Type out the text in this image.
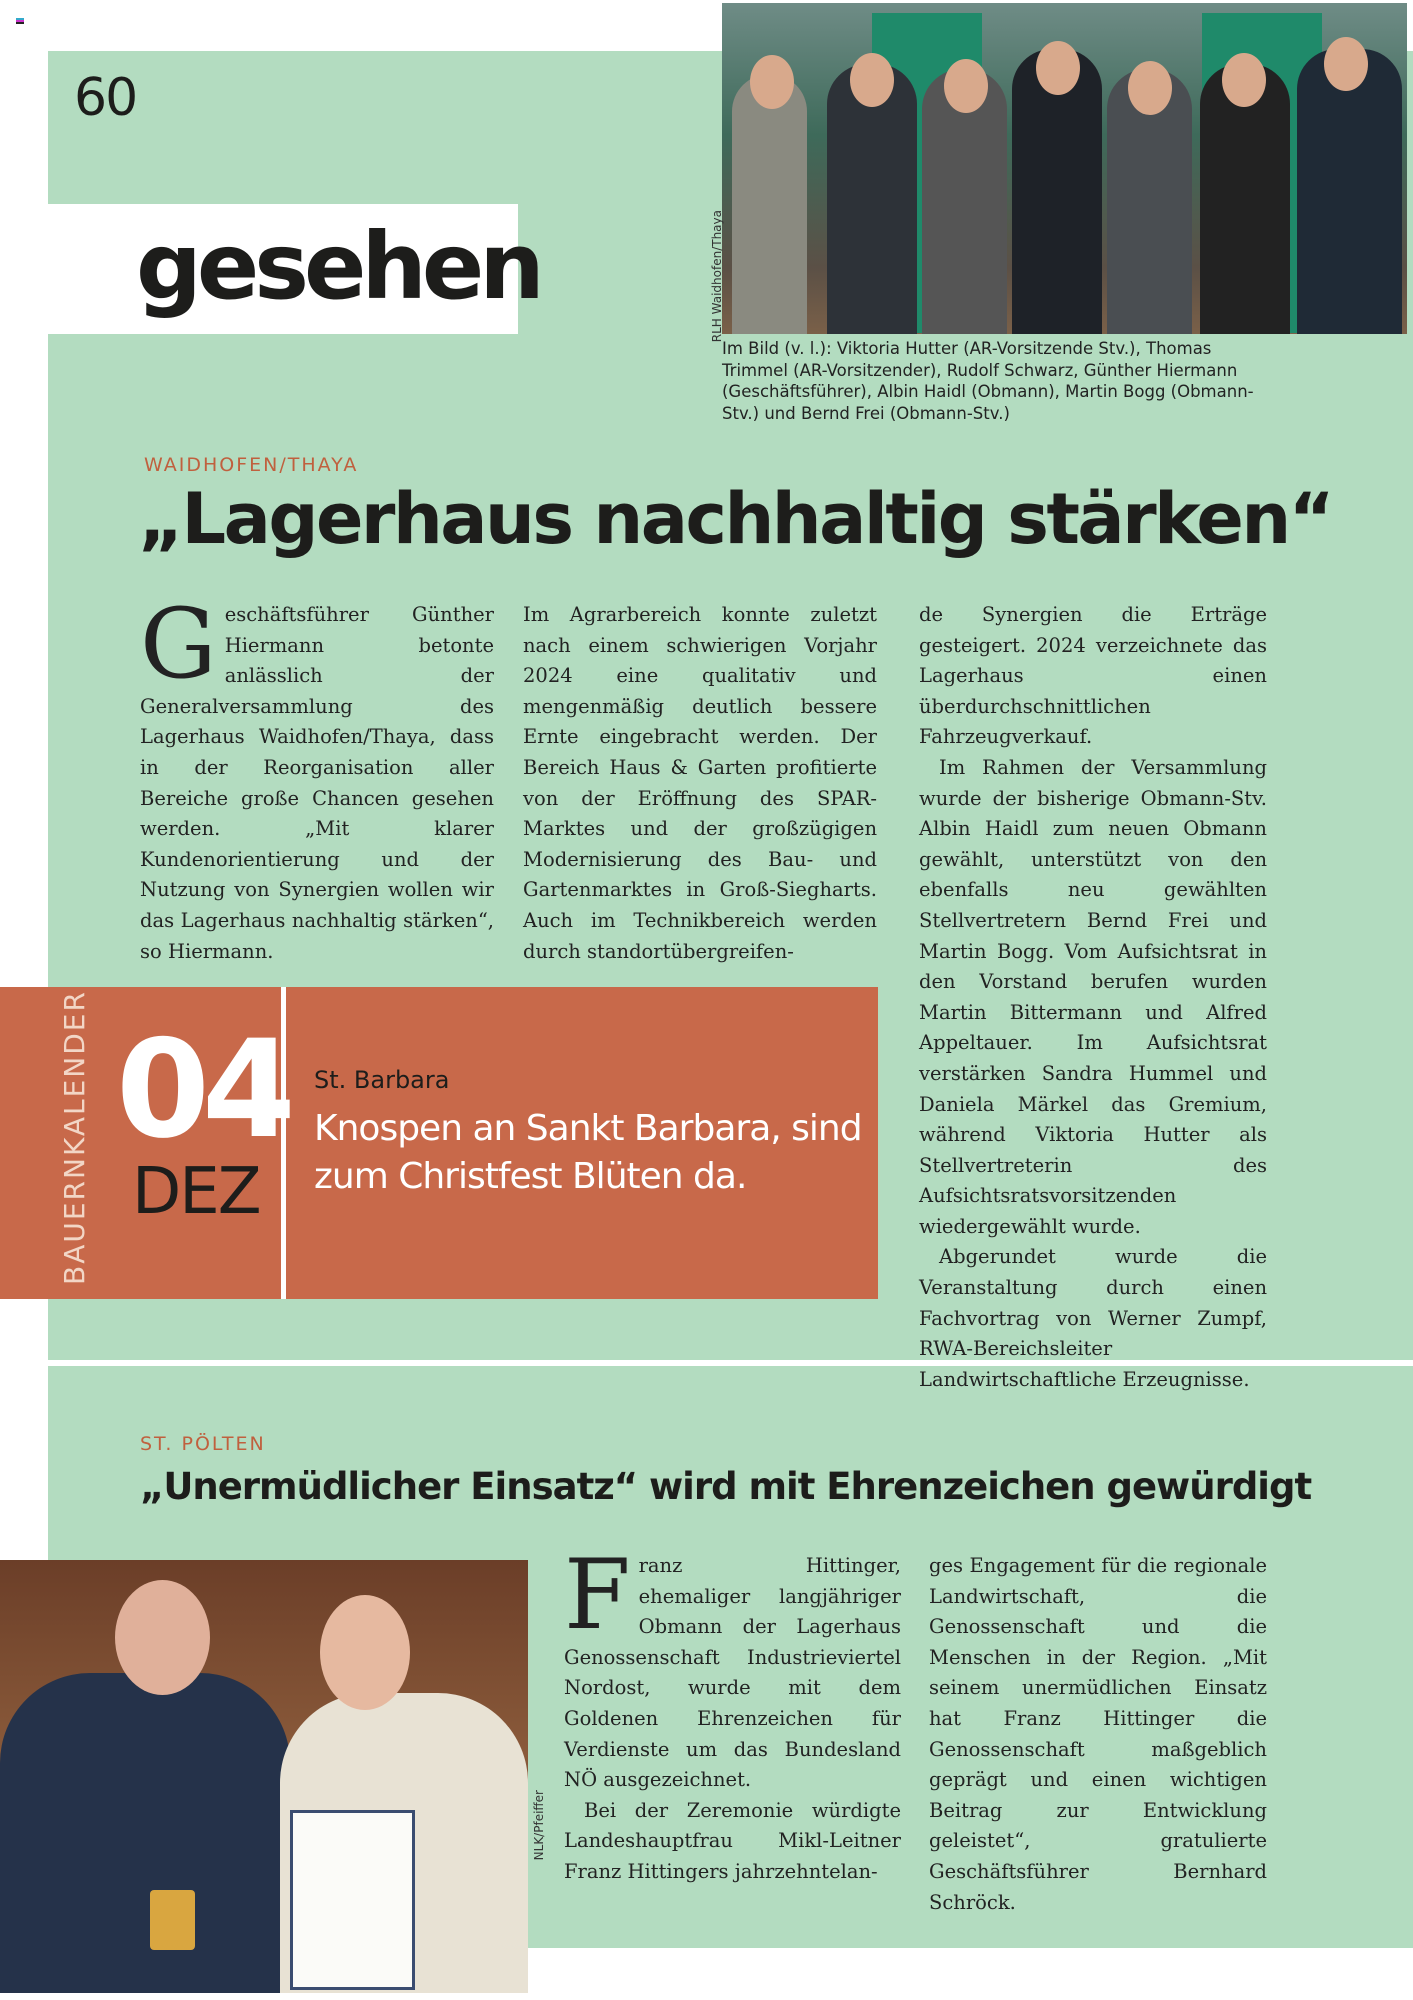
60
gesehen	RLH Waidhofen/Thaya
Im Bild (v. l.): Viktoria Hutter (AR-Vorsitzende Stv.), Thomas Trimmel (AR-Vorsitzender), Rudolf Schwarz, Günther Hiermann (Geschäftsführer), Albin Haidl (Obmann), Martin Bogg (Obmann-Stv.) und Bernd Frei (Obmann-Stv.)
WAIDHOFEN/THAYA
„Lagerhaus nachhaltig stärken“
G eschäftsführer Günther Hiermann betonte anlässlich der Generalversammlung des Lagerhaus Waidhofen/Thaya, dass in der Reorganisation aller Bereiche große Chancen gesehen werden. „Mit klarer Kundenorientierung und der Nutzung von Synergien wollen wir das Lagerhaus nachhaltig stärken“, so Hiermann.

Im Agrarbereich konnte zuletzt nach einem schwierigen Vorjahr 2024 eine qualitativ und mengenmäßig deutlich bessere Ernte eingebracht werden. Der Bereich Haus & Garten profitierte von der Eröffnung des SPAR-Marktes und der großzügigen Modernisierung des Bau- und Gartenmarktes in Groß-Siegharts. Auch im Technikbereich werden durch standortübergreifen-

de Synergien die Erträge gesteigert. 2024 verzeichnete das Lagerhaus einen überdurchschnittlichen Fahrzeugverkauf.

Im Rahmen der Versammlung wurde der bisherige Obmann-Stv. Albin Haidl zum neuen Obmann gewählt, unterstützt von den ebenfalls neu gewählten Stellvertretern Bernd Frei und Martin Bogg. Vom Aufsichtsrat in den Vorstand berufen wurden Martin Bittermann und Alfred Appeltauer. Im Aufsichtsrat verstärken Sandra Hummel und Daniela Märkel das Gremium, während Viktoria Hutter als Stellvertreterin des Aufsichtsratsvorsitzenden wiedergewählt wurde.

Abgerundet wurde die Veranstaltung durch einen Fachvortrag von Werner Zumpf, RWA-Bereichsleiter Landwirtschaftliche Erzeugnisse.

BAUERNKALENDER 04
DEZ
St. Barbara
Knospen an Sankt Barbara, sind zum Christfest Blüten da.
ST. PÖLTEN
„Unermüdlicher Einsatz“ wird mit Ehrenzeichen gewürdigt
NLK/Pfeiffer
F ranz Hittinger, ehemaliger langjähriger Obmann der Lagerhaus Genossenschaft Industrieviertel Nordost, wurde mit dem Goldenen Ehrenzeichen für Verdienste um das Bundesland NÖ ausgezeichnet.

Bei der Zeremonie würdigte Landeshauptfrau Mikl-Leitner Franz Hittingers jahrzehntelan-

ges Engagement für die regionale Landwirtschaft, die Genossenschaft und die Menschen in der Region. „Mit seinem unermüdlichen Einsatz hat Franz Hittinger die Genossenschaft maßgeblich geprägt und einen wichtigen Beitrag zur Entwicklung geleistet“, gratulierte Geschäftsführer Bernhard Schröck.
